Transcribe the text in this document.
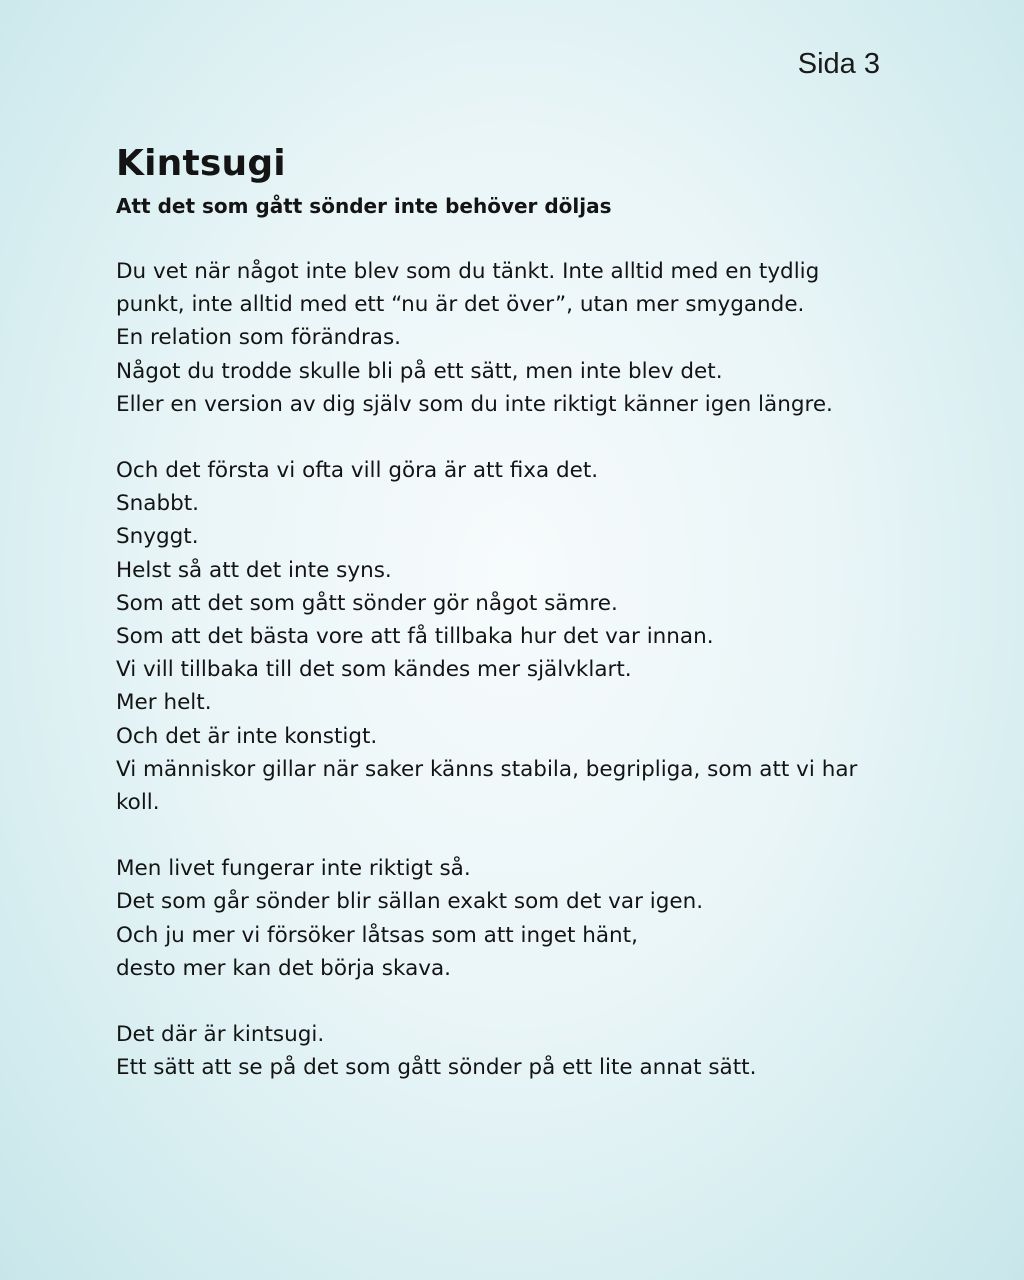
Sida 3

Kintsugi
Att det som gått sönder inte behöver döljas
Du vet när något inte blev som du tänkt. Inte alltid med en tydlig
punkt, inte alltid med ett “nu är det över”, utan mer smygande.
En relation som förändras.
Något du trodde skulle bli på ett sätt, men inte blev det.
Eller en version av dig själv som du inte riktigt känner igen längre.
Och det första vi ofta vill göra är att fixa det.
Snabbt.
Snyggt.
Helst så att det inte syns.
Som att det som gått sönder gör något sämre.
Som att det bästa vore att få tillbaka hur det var innan.
Vi vill tillbaka till det som kändes mer självklart.
Mer helt.
Och det är inte konstigt.
Vi människor gillar när saker känns stabila, begripliga, som att vi har
koll.
Men livet fungerar inte riktigt så.
Det som går sönder blir sällan exakt som det var igen.
Och ju mer vi försöker låtsas som att inget hänt,
desto mer kan det börja skava.
Det där är kintsugi.
Ett sätt att se på det som gått sönder på ett lite annat sätt.
